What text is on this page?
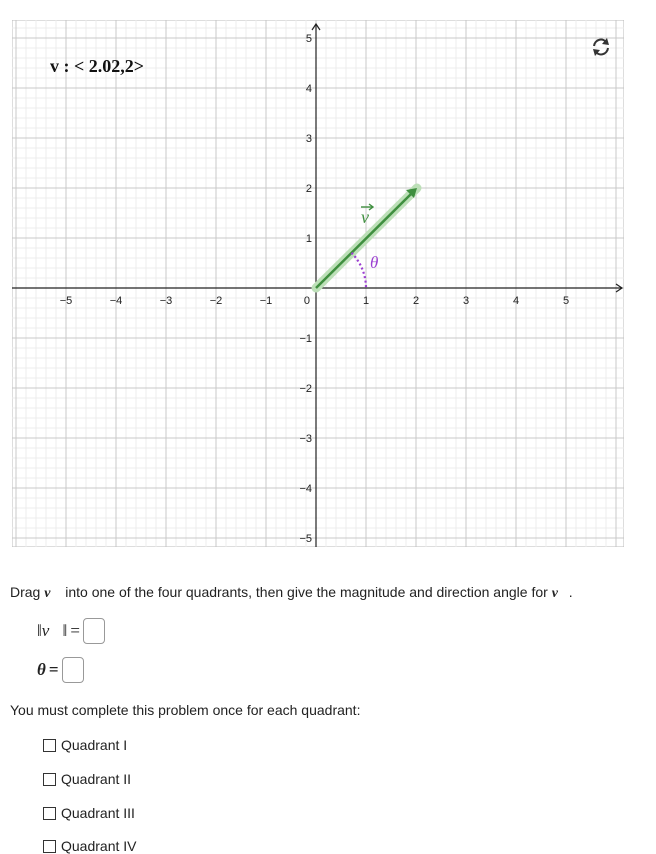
−5	−4	−3	−2	−1	0	1	2	3	4	5
5
4
3
2
1
−1
−2
−3
−4
−5
v : < 2.02,2>
θ
v
Drag v⃗ into one of the four quadrants, then give the magnitude and direction angle for v⃗.
‖v⃗‖ =
θ =
You must complete this problem once for each quadrant:
Quadrant I
Quadrant II
Quadrant III
Quadrant IV
